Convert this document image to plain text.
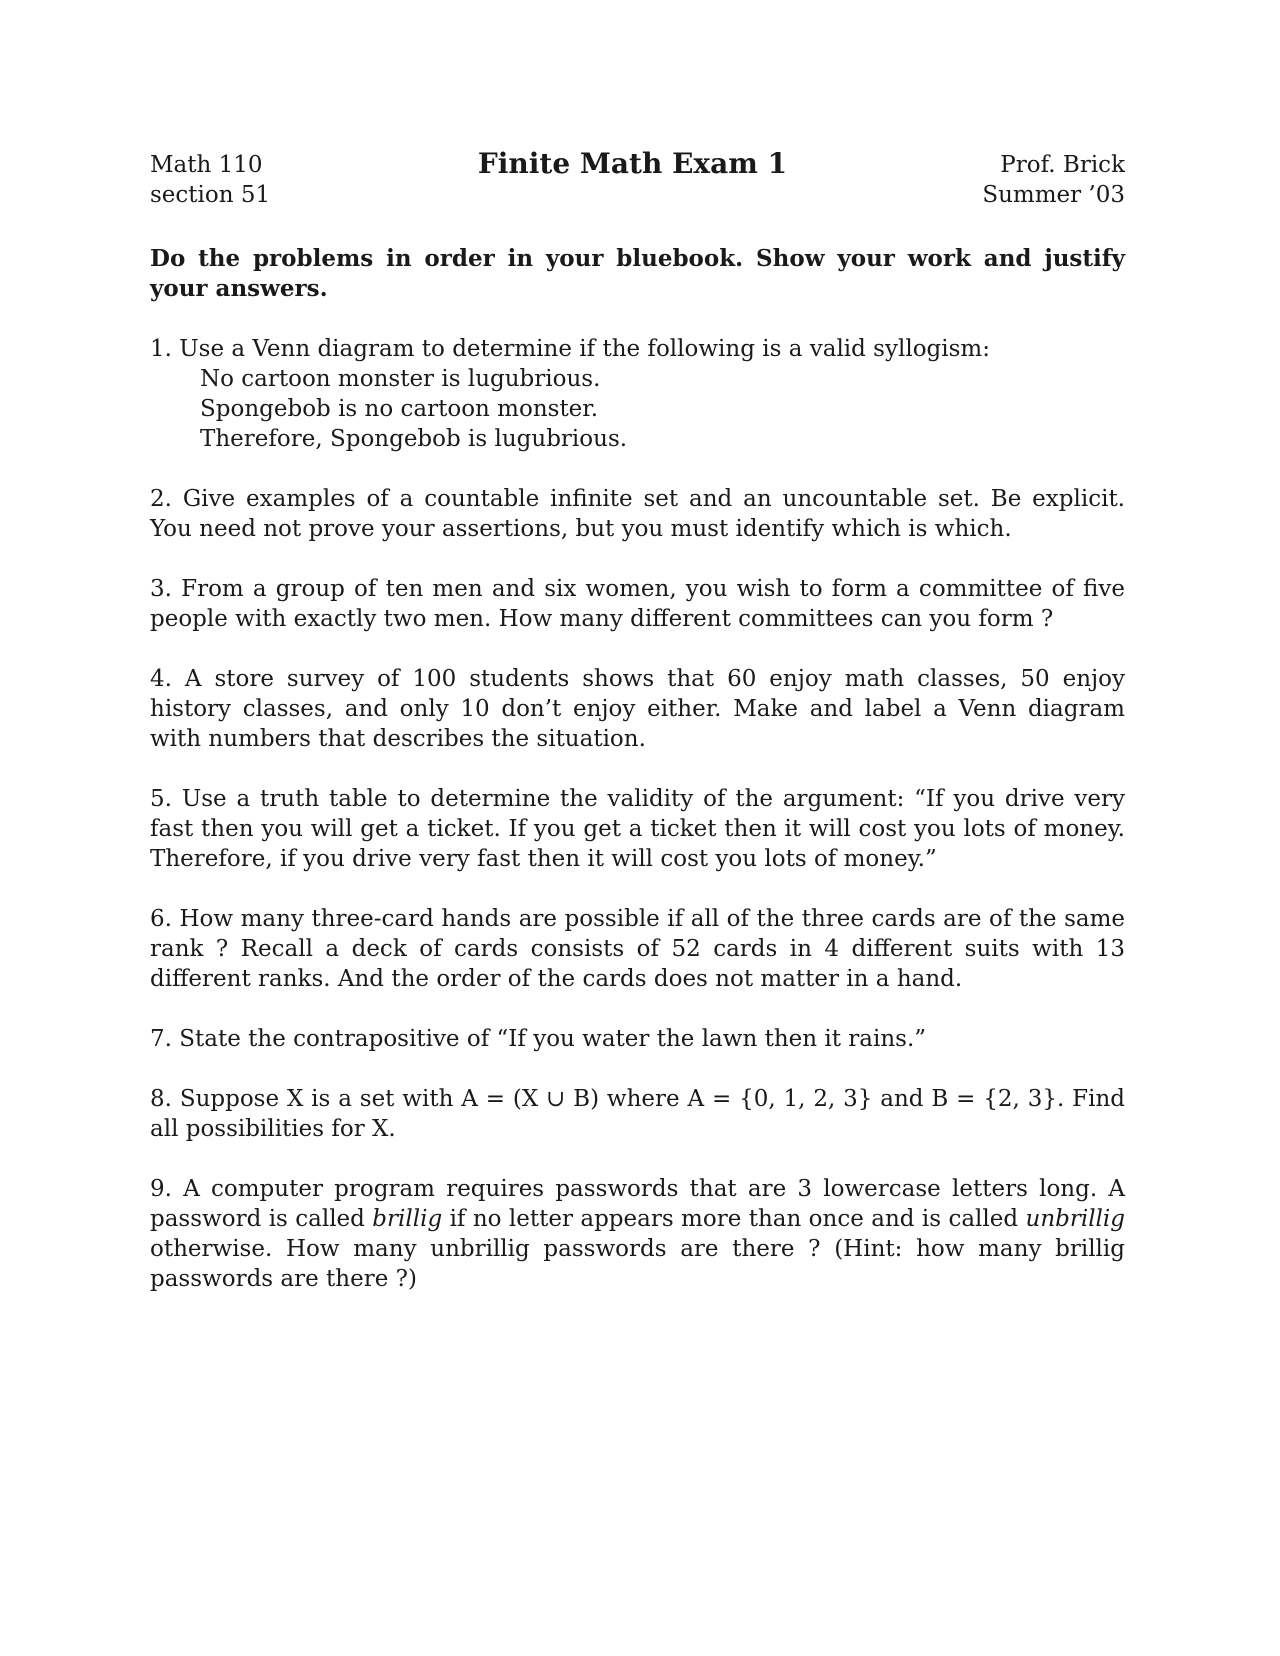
Math 110
section 51
Finite Math Exam 1	Prof. Brick
Summer ’03
Do the problems in order in your bluebook. Show your work and justify your answers.
1. Use a Venn diagram to determine if the following is a valid syllogism:
No cartoon monster is lugubrious.
Spongebob is no cartoon monster.
Therefore, Spongebob is lugubrious.
2. Give examples of a countable infinite set and an uncountable set. Be explicit. You need not prove your assertions, but you must identify which is which.
3. From a group of ten men and six women, you wish to form a committee of five people with exactly two men. How many different committees can you form ?
4. A store survey of 100 students shows that 60 enjoy math classes, 50 enjoy history classes, and only 10 don’t enjoy either. Make and label a Venn diagram with numbers that describes the situation.
5. Use a truth table to determine the validity of the argument: “If you drive very fast then you will get a ticket. If you get a ticket then it will cost you lots of money. Therefore, if you drive very fast then it will cost you lots of money.”
6. How many three-card hands are possible if all of the three cards are of the same rank ? Recall a deck of cards consists of 52 cards in 4 different suits with 13 different ranks. And the order of the cards does not matter in a hand.
7. State the contrapositive of “If you water the lawn then it rains.”
8. Suppose X is a set with A = (X ∪ B) where A = {0, 1, 2, 3} and B = {2, 3}. Find all possibilities for X.
9. A computer program requires passwords that are 3 lowercase letters long. A password is called brillig if no letter appears more than once and is called unbrillig otherwise. How many unbrillig passwords are there ? (Hint: how many brillig passwords are there ?)
